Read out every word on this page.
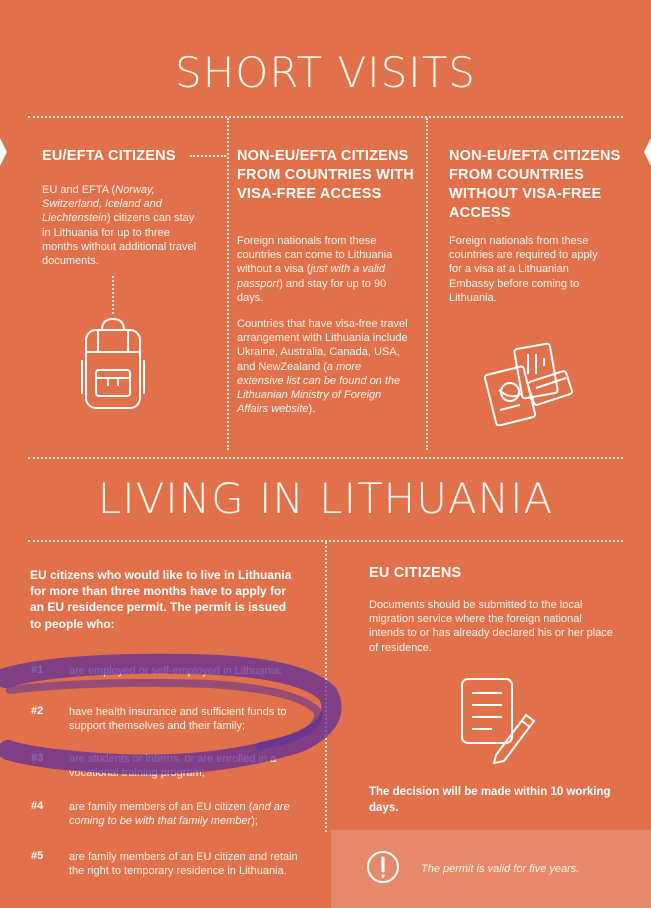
SHORT VISITS
EU/EFTA CITIZENS
EU and EFTA (Norway, Switzerland, Iceland and Liechtenstein) citizens can stay in Lithuania for up to three months without additional travel documents.
NON-EU/EFTA CITIZENS FROM COUNTRIES WITH VISA-FREE ACCESS
Foreign nationals from these countries can come to Lithuania without a visa (just with a valid passport) and stay for up to 90 days.
Countries that have visa-free travel arrangement with Lithuania include Ukraine, Australia, Canada, USA, and NewZealand (a more extensive list can be found on the Lithuanian Ministry of Foreign Affairs website).
NON-EU/EFTA CITIZENS FROM COUNTRIES WITHOUT VISA-FREE ACCESS
Foreign nationals from these countries are required to apply for a visa at a Lithuanian Embassy before coming to Lithuania.
LIVING IN LITHUANIA
EU citizens who would like to live in Lithuania for more than three months have to apply for an EU residence permit. The permit is issued to people who:
#1 are employed or self-employed in Lithuania;
#2 have health insurance and sufficient funds to support themselves and their family;
#3 are students or interns, or are enrolled in a vocational training program;
#4 are family members of an EU citizen (and are coming to be with that family member);
#5 are family members of an EU citizen and retain the right to temporary residence in Lithuania.
EU CITIZENS
Documents should be submitted to the local migration service where the foreign national intends to or has already declared his or her place of residence.
The decision will be made within 10 working days.
The permit is valid for five years.
